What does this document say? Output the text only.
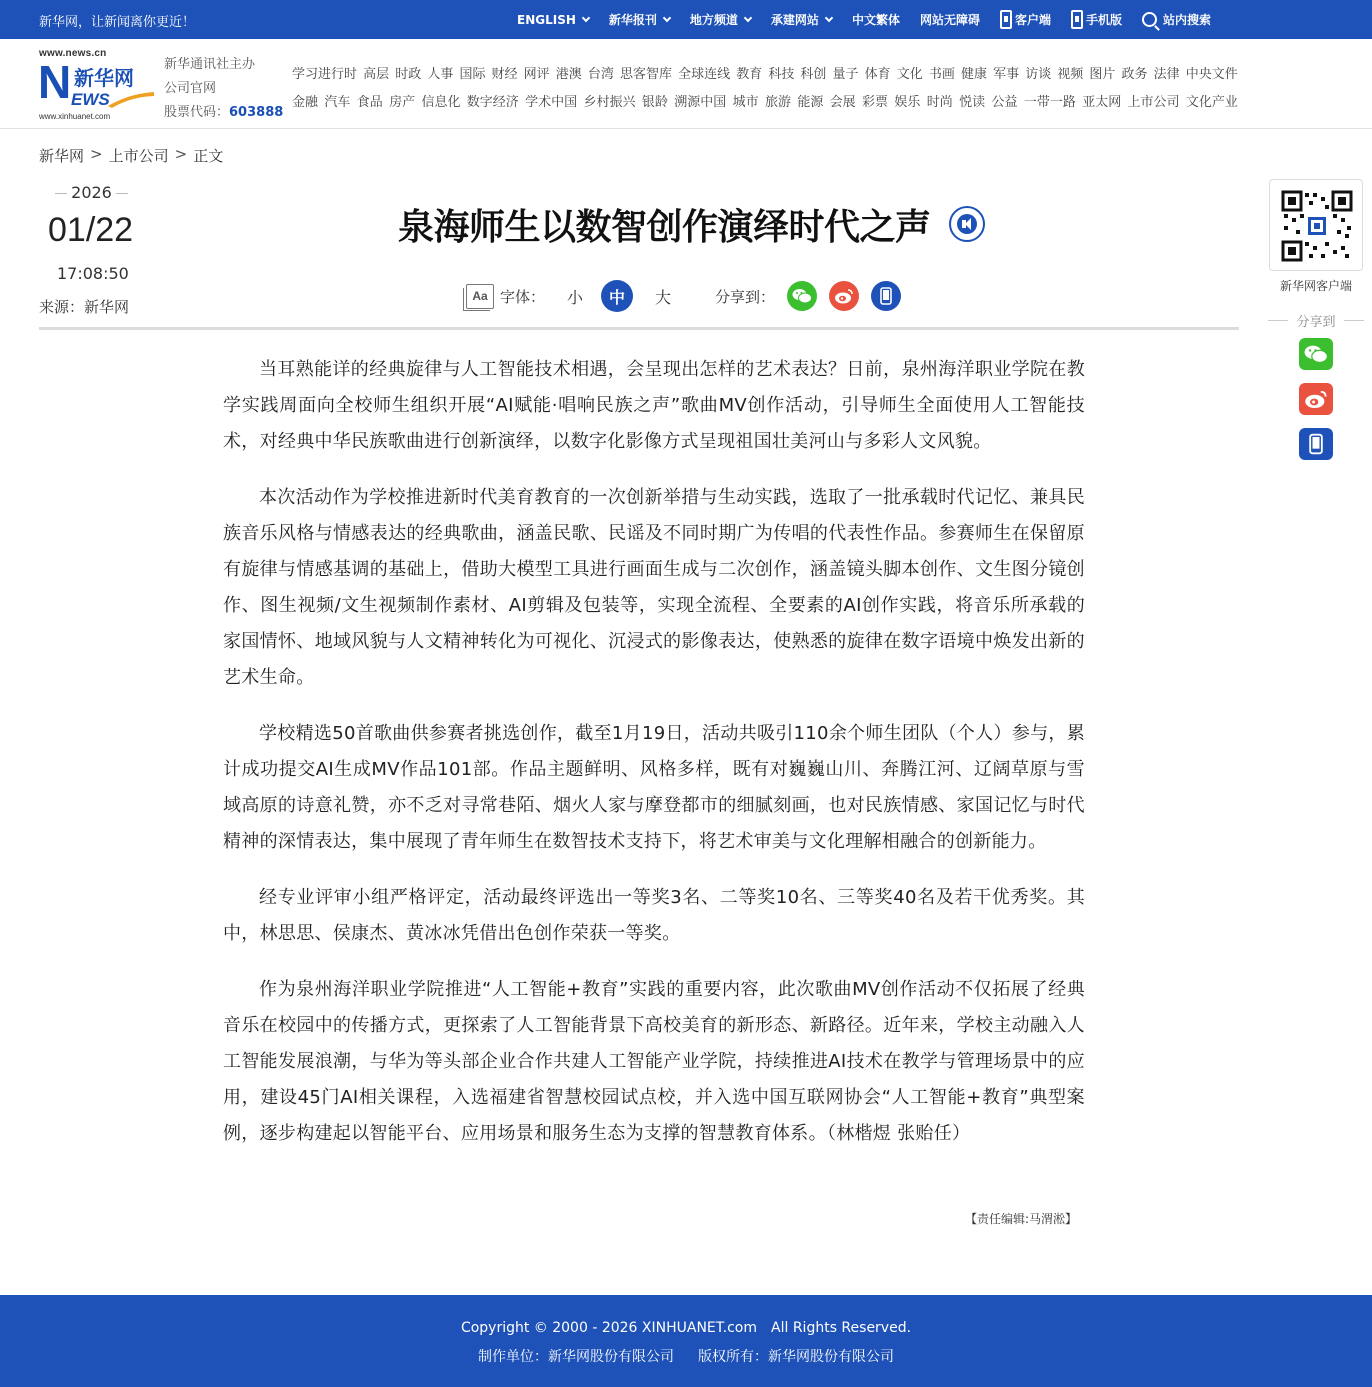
新华网，让新闻离你更近！	ENGLISH	新华报刊	地方频道	承建网站	中文繁体 网站无障碍	客户端	手机版	站内搜索
www.news.cn
N 新华网
EWS
www.xinhuanet.com
新华通讯社主办
公司官网
股票代码：603888
学习进行时 高层 时政 人事 国际 财经 网评 港澳 台湾 思客智库 全球连线 教育 科技 科创 量子 体育 文化 书画 健康 军事 访谈 视频 图片 政务 法律 中央文件
金融 汽车 食品 房产 信息化 数字经济 学术中国 乡村振兴 银龄 溯源中国 城市 旅游 能源 会展 彩票 娱乐 时尚 悦读 公益 一带一路 亚太网 上市公司 文化产业
新华网 > 上市公司 > 正文
2026
01/22
17:08:50
来源：新华网
泉海师生以数智创作演绎时代之声
Aa 字体：	小	中	大	分享到：

当耳熟能详的经典旋律与人工智能技术相遇，会呈现出怎样的艺术表达？日前，泉州海洋职业学院在教学实践周面向全校师生组织开展“AI赋能·唱响民族之声”歌曲MV创作活动，引导师生全面使用人工智能技术，对经典中华民族歌曲进行创新演绎，以数字化影像方式呈现祖国壮美河山与多彩人文风貌。

本次活动作为学校推进新时代美育教育的一次创新举措与生动实践，选取了一批承载时代记忆、兼具民族音乐风格与情感表达的经典歌曲，涵盖民歌、民谣及不同时期广为传唱的代表性作品。参赛师生在保留原有旋律与情感基调的基础上，借助大模型工具进行画面生成与二次创作，涵盖镜头脚本创作、文生图分镜创作、图生视频/文生视频制作素材、AI剪辑及包装等，实现全流程、全要素的AI创作实践，将音乐所承载的家国情怀、地域风貌与人文精神转化为可视化、沉浸式的影像表达，使熟悉的旋律在数字语境中焕发出新的艺术生命。

学校精选50首歌曲供参赛者挑选创作，截至1月19日，活动共吸引110余个师生团队（个人）参与，累计成功提交AI生成MV作品101部。作品主题鲜明、风格多样，既有对巍巍山川、奔腾江河、辽阔草原与雪域高原的诗意礼赞，亦不乏对寻常巷陌、烟火人家与摩登都市的细腻刻画，也对民族情感、家国记忆与时代精神的深情表达，集中展现了青年师生在数智技术支持下，将艺术审美与文化理解相融合的创新能力。

经专业评审小组严格评定，活动最终评选出一等奖3名、二等奖10名、三等奖40名及若干优秀奖。其中，林思思、侯康杰、黄冰冰凭借出色创作荣获一等奖。

作为泉州海洋职业学院推进“人工智能+教育”实践的重要内容，此次歌曲MV创作活动不仅拓展了经典音乐在校园中的传播方式，更探索了人工智能背景下高校美育的新形态、新路径。近年来，学校主动融入人工智能发展浪潮，与华为等头部企业合作共建人工智能产业学院，持续推进AI技术在教学与管理场景中的应用，建设45门AI相关课程，入选福建省智慧校园试点校，并入选中国互联网协会“人工智能+教育”典型案例，逐步构建起以智能平台、应用场景和服务生态为支撑的智慧教育体系。（林楷煜 张贻任）

【责任编辑:马渭淞】
新华网客户端
分享到
Copyright © 2000 - 2026 XINHUANET.com All Rights Reserved.
制作单位：新华网股份有限公司 版权所有：新华网股份有限公司
